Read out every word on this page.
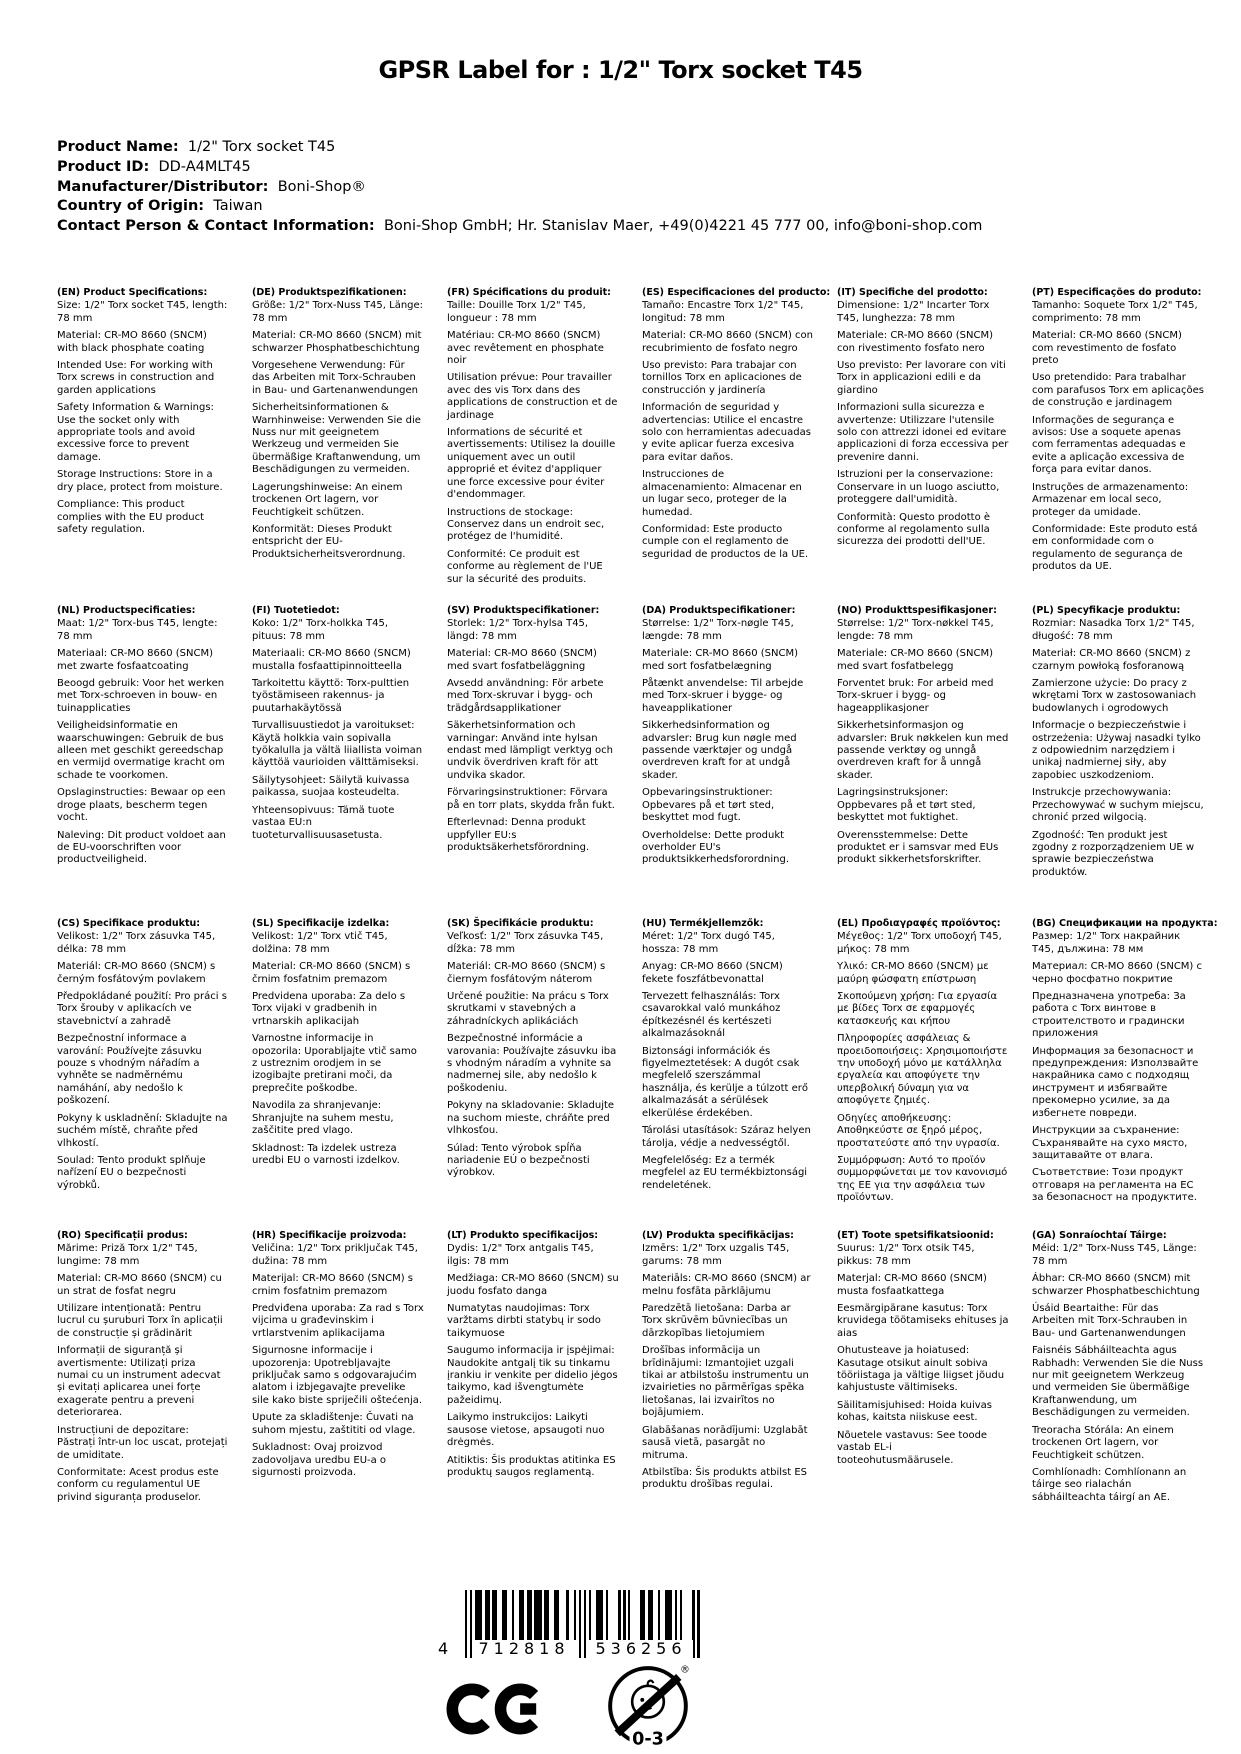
GPSR Label for : 1/2" Torx socket T45
Product Name: 1/2" Torx socket T45
Product ID: DD-A4MLT45
Manufacturer/Distributor: Boni-Shop®
Country of Origin: Taiwan
Contact Person & Contact Information: Boni-Shop GmbH; Hr. Stanislav Maer, +49(0)4221 45 777 00, info@boni-shop.com
(EN) Product Specifications:

Size: 1/2" Torx socket T45, length: 78 mm

Material: CR-MO 8660 (SNCM) with black phosphate coating

Intended Use: For working with Torx screws in construction and garden applications

Safety Information & Warnings: Use the socket only with appropriate tools and avoid excessive force to prevent damage.

Storage Instructions: Store in a dry place, protect from moisture.

Compliance: This product complies with the EU product safety regulation.

(DE) Produktspezifikationen:

Größe: 1/2" Torx-Nuss T45, Länge: 78 mm

Material: CR-MO 8660 (SNCM) mit schwarzer Phosphatbeschichtung

Vorgesehene Verwendung: Für das Arbeiten mit Torx-Schrauben in Bau- und Gartenanwendungen

Sicherheitsinformationen & Warnhinweise: Verwenden Sie die Nuss nur mit geeignetem Werkzeug und vermeiden Sie übermäßige Kraftanwendung, um Beschädigungen zu vermeiden.

Lagerungshinweise: An einem trockenen Ort lagern, vor Feuchtigkeit schützen.

Konformität: Dieses Produkt entspricht der EU-Produktsicherheitsverordnung.

(FR) Spécifications du produit:

Taille: Douille Torx 1/2" T45, longueur : 78 mm

Matériau: CR-MO 8660 (SNCM) avec revêtement en phosphate noir

Utilisation prévue: Pour travailler avec des vis Torx dans des applications de construction et de jardinage

Informations de sécurité et avertissements: Utilisez la douille uniquement avec un outil approprié et évitez d'appliquer une force excessive pour éviter d'endommager.

Instructions de stockage: Conservez dans un endroit sec, protégez de l'humidité.

Conformité: Ce produit est conforme au règlement de l'UE sur la sécurité des produits.

(ES) Especificaciones del producto:

Tamaño: Encastre Torx 1/2" T45, longitud: 78 mm

Material: CR-MO 8660 (SNCM) con recubrimiento de fosfato negro

Uso previsto: Para trabajar con tornillos Torx en aplicaciones de construcción y jardinería

Información de seguridad y advertencias: Utilice el encastre solo con herramientas adecuadas y evite aplicar fuerza excesiva para evitar daños.

Instrucciones de almacenamiento: Almacenar en un lugar seco, proteger de la humedad.

Conformidad: Este producto cumple con el reglamento de seguridad de productos de la UE.

(IT) Specifiche del prodotto:

Dimensione: 1/2" Incarter Torx T45, lunghezza: 78 mm

Materiale: CR-MO 8660 (SNCM) con rivestimento fosfato nero

Uso previsto: Per lavorare con viti Torx in applicazioni edili e da giardino

Informazioni sulla sicurezza e avvertenze: Utilizzare l'utensile solo con attrezzi idonei ed evitare applicazioni di forza eccessiva per prevenire danni.

Istruzioni per la conservazione: Conservare in un luogo asciutto, proteggere dall'umidità.

Conformità: Questo prodotto è conforme al regolamento sulla sicurezza dei prodotti dell'UE.

(PT) Especificações do produto:

Tamanho: Soquete Torx 1/2" T45, comprimento: 78 mm

Material: CR-MO 8660 (SNCM) com revestimento de fosfato preto

Uso pretendido: Para trabalhar com parafusos Torx em aplicações de construção e jardinagem

Informações de segurança e avisos: Use a soquete apenas com ferramentas adequadas e evite a aplicação excessiva de força para evitar danos.

Instruções de armazenamento: Armazenar em local seco, proteger da umidade.

Conformidade: Este produto está em conformidade com o regulamento de segurança de produtos da UE.

(NL) Productspecificaties:

Maat: 1/2" Torx-bus T45, lengte: 78 mm

Materiaal: CR-MO 8660 (SNCM) met zwarte fosfaatcoating

Beoogd gebruik: Voor het werken met Torx-schroeven in bouw- en tuinapplicaties

Veiligheidsinformatie en waarschuwingen: Gebruik de bus alleen met geschikt gereedschap en vermijd overmatige kracht om schade te voorkomen.

Opslaginstructies: Bewaar op een droge plaats, bescherm tegen vocht.

Naleving: Dit product voldoet aan de EU-voorschriften voor productveiligheid.

(FI) Tuotetiedot:

Koko: 1/2" Torx-holkka T45, pituus: 78 mm

Materiaali: CR-MO 8660 (SNCM) mustalla fosfaattipinnoitteella

Tarkoitettu käyttö: Torx-pulttien työstämiseen rakennus- ja puutarhakäytössä

Turvallisuustiedot ja varoitukset: Käytä holkkia vain sopivalla työkalulla ja vältä liiallista voiman käyttöä vaurioiden välttämiseksi.

Säilytysohjeet: Säilytä kuivassa paikassa, suojaa kosteudelta.

Yhteensopivuus: Tämä tuote vastaa EU:n tuoteturvallisuusasetusta.

(SV) Produktspecifikationer:

Storlek: 1/2" Torx-hylsa T45, längd: 78 mm

Material: CR-MO 8660 (SNCM) med svart fosfatbeläggning

Avsedd användning: För arbete med Torx-skruvar i bygg- och trädgårdsapplikationer

Säkerhetsinformation och varningar: Använd inte hylsan endast med lämpligt verktyg och undvik överdriven kraft för att undvika skador.

Förvaringsinstruktioner: Förvara på en torr plats, skydda från fukt.

Efterlevnad: Denna produkt uppfyller EU:s produktsäkerhetsförordning.

(DA) Produktspecifikationer:

Størrelse: 1/2" Torx-nøgle T45, længde: 78 mm

Materiale: CR-MO 8660 (SNCM) med sort fosfatbelægning

Påtænkt anvendelse: Til arbejde med Torx-skruer i bygge- og haveapplikationer

Sikkerhedsinformation og advarsler: Brug kun nøgle med passende værktøjer og undgå overdreven kraft for at undgå skader.

Opbevaringsinstruktioner: Opbevares på et tørt sted, beskyttet mod fugt.

Overholdelse: Dette produkt overholder EU's produktsikkerhedsforordning.

(NO) Produkttspesifikasjoner:

Størrelse: 1/2" Torx-nøkkel T45, lengde: 78 mm

Materiale: CR-MO 8660 (SNCM) med svart fosfatbelegg

Forventet bruk: For arbeid med Torx-skruer i bygg- og hageapplikasjoner

Sikkerhetsinformasjon og advarsler: Bruk nøkkelen kun med passende verktøy og unngå overdreven kraft for å unngå skader.

Lagringsinstruksjoner: Oppbevares på et tørt sted, beskyttet mot fuktighet.

Overensstemmelse: Dette produktet er i samsvar med EUs produkt sikkerhetsforskrifter.

(PL) Specyfikacje produktu:

Rozmiar: Nasadka Torx 1/2" T45, długość: 78 mm

Materiał: CR-MO 8660 (SNCM) z czarnym powłoką fosforanową

Zamierzone użycie: Do pracy z wkrętami Torx w zastosowaniach budowlanych i ogrodowych

Informacje o bezpieczeństwie i ostrzeżenia: Używaj nasadki tylko z odpowiednim narzędziem i unikaj nadmiernej siły, aby zapobiec uszkodzeniom.

Instrukcje przechowywania: Przechowywać w suchym miejscu, chronić przed wilgocią.

Zgodność: Ten produkt jest zgodny z rozporządzeniem UE w sprawie bezpieczeństwa produktów.

(CS) Specifikace produktu:

Velikost: 1/2" Torx zásuvka T45, délka: 78 mm

Materiál: CR-MO 8660 (SNCM) s černým fosfátovým povlakem

Předpokládané použití: Pro práci s Torx šrouby v aplikacích ve stavebnictví a zahradě

Bezpečnostní informace a varování: Používejte zásuvku pouze s vhodným nářadím a vyhněte se nadměrnému namáhání, aby nedošlo k poškození.

Pokyny k uskladnění: Skladujte na suchém místě, chraňte před vlhkostí.

Soulad: Tento produkt splňuje nařízení EU o bezpečnosti výrobků.

(SL) Specifikacije izdelka:

Velikost: 1/2" Torx vtič T45, dolžina: 78 mm

Material: CR-MO 8660 (SNCM) s črnim fosfatnim premazom

Predvidena uporaba: Za delo s Torx vijaki v gradbenih in vrtnarskih aplikacijah

Varnostne informacije in opozorila: Uporabljajte vtič samo z ustreznim orodjem in se izogibajte pretirani moči, da preprečite poškodbe.

Navodila za shranjevanje: Shranjujte na suhem mestu, zaščitite pred vlago.

Skladnost: Ta izdelek ustreza uredbi EU o varnosti izdelkov.

(SK) Špecifikácie produktu:

Veľkosť: 1/2" Torx zásuvka T45, dĺžka: 78 mm

Materiál: CR-MO 8660 (SNCM) s čiernym fosfátovým náterom

Určené použitie: Na prácu s Torx skrutkami v stavebných a záhradníckych aplikáciách

Bezpečnostné informácie a varovania: Používajte zásuvku iba s vhodným náradím a vyhnite sa nadmernej sile, aby nedošlo k poškodeniu.

Pokyny na skladovanie: Skladujte na suchom mieste, chráňte pred vlhkosťou.

Súlad: Tento výrobok spĺňa nariadenie EÚ o bezpečnosti výrobkov.

(HU) Termékjellemzők:

Méret: 1/2" Torx dugó T45, hossza: 78 mm

Anyag: CR-MO 8660 (SNCM) fekete foszfátbevonattal

Tervezett felhasználás: Torx csavarokkal való munkához építkezésnél és kertészeti alkalmazásoknál

Biztonsági információk és figyelmeztetések: A dugót csak megfelelő szerszámmal használja, és kerülje a túlzott erő alkalmazását a sérülések elkerülése érdekében.

Tárolási utasítások: Száraz helyen tárolja, védje a nedvességtől.

Megfelelőség: Ez a termék megfelel az EU termékbiztonsági rendeletének.

(EL) Προδιαγραφές προϊόντος:

Μέγεθος: 1/2" Torx υποδοχή T45, μήκος: 78 mm

Υλικό: CR-MO 8660 (SNCM) με μαύρη φώσφατη επίστρωση

Σκοπούμενη χρήση: Για εργασία με βίδες Torx σε εφαρμογές κατασκευής και κήπου

Πληροφορίες ασφάλειας & προειδοποιήσεις: Χρησιμοποιήστε την υποδοχή μόνο με κατάλληλα εργαλεία και αποφύγετε την υπερβολική δύναμη για να αποφύγετε ζημιές.

Οδηγίες αποθήκευσης: Αποθηκεύστε σε ξηρό μέρος, προστατεύστε από την υγρασία.

Συμμόρφωση: Αυτό το προϊόν συμμορφώνεται με τον κανονισμό της ΕΕ για την ασφάλεια των προϊόντων.

(BG) Спецификации на продукта:

Размер: 1/2" Torx накрайник T45, дължина: 78 мм

Материал: CR-MO 8660 (SNCM) с черно фосфатно покритие

Предназначена употреба: За работа с Torx винтове в строителството и градински приложения

Информация за безопасност и предупреждения: Използвайте накрайника само с подходящ инструмент и избягвайте прекомерно усилие, за да избегнете повреди.

Инструкции за съхранение: Съхранявайте на сухо място, защитавайте от влага.

Съответствие: Този продукт отговаря на регламента на ЕС за безопасност на продуктите.

(RO) Specificații produs:

Mărime: Priză Torx 1/2" T45, lungime: 78 mm

Material: CR-MO 8660 (SNCM) cu un strat de fosfat negru

Utilizare intenționată: Pentru lucrul cu șuruburi Torx în aplicații de construcție și grădinărit

Informații de siguranță și avertismente: Utilizați priza numai cu un instrument adecvat și evitați aplicarea unei forțe exagerate pentru a preveni deteriorarea.

Instrucțiuni de depozitare: Păstrați într-un loc uscat, protejați de umiditate.

Conformitate: Acest produs este conform cu regulamentul UE privind siguranța produselor.

(HR) Specifikacije proizvoda:

Veličina: 1/2" Torx priključak T45, dužina: 78 mm

Materijal: CR-MO 8660 (SNCM) s crnim fosfatnim premazom

Predviđena uporaba: Za rad s Torx vijcima u građevinskim i vrtlarstvenim aplikacijama

Sigurnosne informacije i upozorenja: Upotrebljavajte priključak samo s odgovarajućim alatom i izbjegavajte prevelike sile kako biste spriječili oštećenja.

Upute za skladištenje: Čuvati na suhom mjestu, zaštititi od vlage.

Sukladnost: Ovaj proizvod zadovoljava uredbu EU-a o sigurnosti proizvoda.

(LT) Produkto specifikacijos:

Dydis: 1/2" Torx antgalis T45, ilgis: 78 mm

Medžiaga: CR-MO 8660 (SNCM) su juodu fosfato danga

Numatytas naudojimas: Torx varžtams dirbti statybų ir sodo taikymuose

Saugumo informacija ir įspėjimai: Naudokite antgalį tik su tinkamu įrankiu ir venkite per didelio jėgos taikymo, kad išvengtumėte pažeidimų.

Laikymo instrukcijos: Laikyti sausose vietose, apsaugoti nuo drėgmės.

Atitiktis: Šis produktas atitinka ES produktų saugos reglamentą.

(LV) Produkta specifikācijas:

Izmērs: 1/2" Torx uzgalis T45, garums: 78 mm

Materiāls: CR-MO 8660 (SNCM) ar melnu fosfāta pārklājumu

Paredzētā lietošana: Darba ar Torx skrūvēm būvniecības un dārzkopības lietojumiem

Drošības informācija un brīdinājumi: Izmantojiet uzgali tikai ar atbilstošu instrumentu un izvairieties no pārmērīgas spēka lietošanas, lai izvairītos no bojājumiem.

Glabāšanas norādījumi: Uzglabāt sausā vietā, pasargāt no mitruma.

Atbilstība: Šis produkts atbilst ES produktu drošības regulai.

(ET) Toote spetsifikatsioonid:

Suurus: 1/2" Torx otsik T45, pikkus: 78 mm

Materjal: CR-MO 8660 (SNCM) musta fosfaatkattega

Eesmärgipärane kasutus: Torx kruvidega töötamiseks ehituses ja aias

Ohutusteave ja hoiatused: Kasutage otsikut ainult sobiva tööriistaga ja vältige liigset jõudu kahjustuste vältimiseks.

Säilitamisjuhised: Hoida kuivas kohas, kaitsta niiskuse eest.

Nõuetele vastavus: See toode vastab EL-i tooteohutusmäärusele.

(GA) Sonraíochtaí Táirge:

Méid: 1/2" Torx-Nuss T45, Länge: 78 mm

Ábhar: CR-MO 8660 (SNCM) mit schwarzer Phosphatbeschichtung

Úsáid Beartaithe: Für das Arbeiten mit Torx-Schrauben in Bau- und Gartenanwendungen

Faisnéis Sábháilteachta agus Rabhadh: Verwenden Sie die Nuss nur mit geeignetem Werkzeug und vermeiden Sie übermäßige Kraftanwendung, um Beschädigungen zu vermeiden.

Treoracha Stórála: An einem trockenen Ort lagern, vor Feuchtigkeit schützen.

Comhlíonadh: Comhlíonann an táirge seo rialachán sábháilteachta táirgí an AE.

4	712818	536256
0-3
®
